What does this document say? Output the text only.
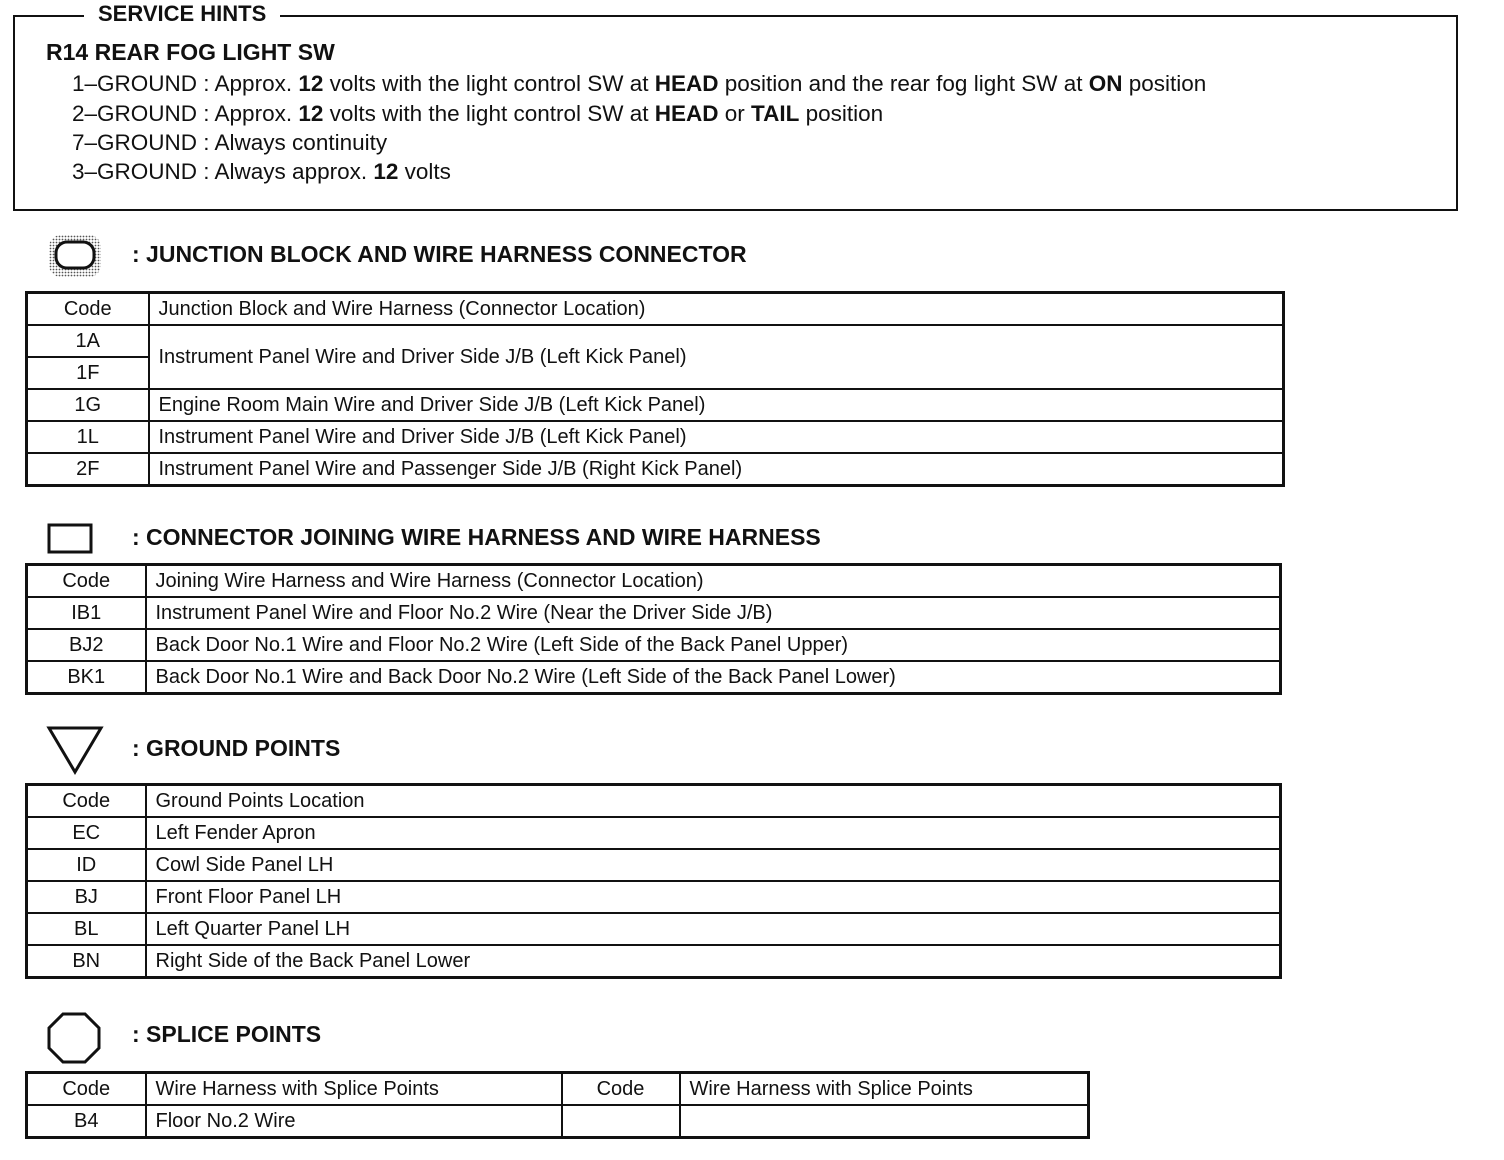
SERVICE HINTS
R14 REAR FOG LIGHT SW
1–GROUND : Approx. 12 volts with the light control SW at HEAD position and the rear fog light SW at ON position
2–GROUND : Approx. 12 volts with the light control SW at HEAD or TAIL position
7–GROUND : Always continuity
3–GROUND : Always approx. 12 volts
: JUNCTION BLOCK AND WIRE HARNESS CONNECTOR
Code	Junction Block and Wire Harness (Connector Location)
1A	Instrument Panel Wire and Driver Side J/B (Left Kick Panel)
1F	
1G	Engine Room Main Wire and Driver Side J/B (Left Kick Panel)
1L	Instrument Panel Wire and Driver Side J/B (Left Kick Panel)
2F	Instrument Panel Wire and Passenger Side J/B (Right Kick Panel)
: CONNECTOR JOINING WIRE HARNESS AND WIRE HARNESS
Code	Joining Wire Harness and Wire Harness (Connector Location)
IB1	Instrument Panel Wire and Floor No.2 Wire (Near the Driver Side J/B)
BJ2	Back Door No.1 Wire and Floor No.2 Wire (Left Side of the Back Panel Upper)
BK1	Back Door No.1 Wire and Back Door No.2 Wire (Left Side of the Back Panel Lower)
: GROUND POINTS
Code	Ground Points Location
EC	Left Fender Apron
ID	Cowl Side Panel LH
BJ	Front Floor Panel LH
BL	Left Quarter Panel LH
BN	Right Side of the Back Panel Lower
: SPLICE POINTS
Code	Wire Harness with Splice Points	Code	Wire Harness with Splice Points
B4	Floor No.2 Wire		
